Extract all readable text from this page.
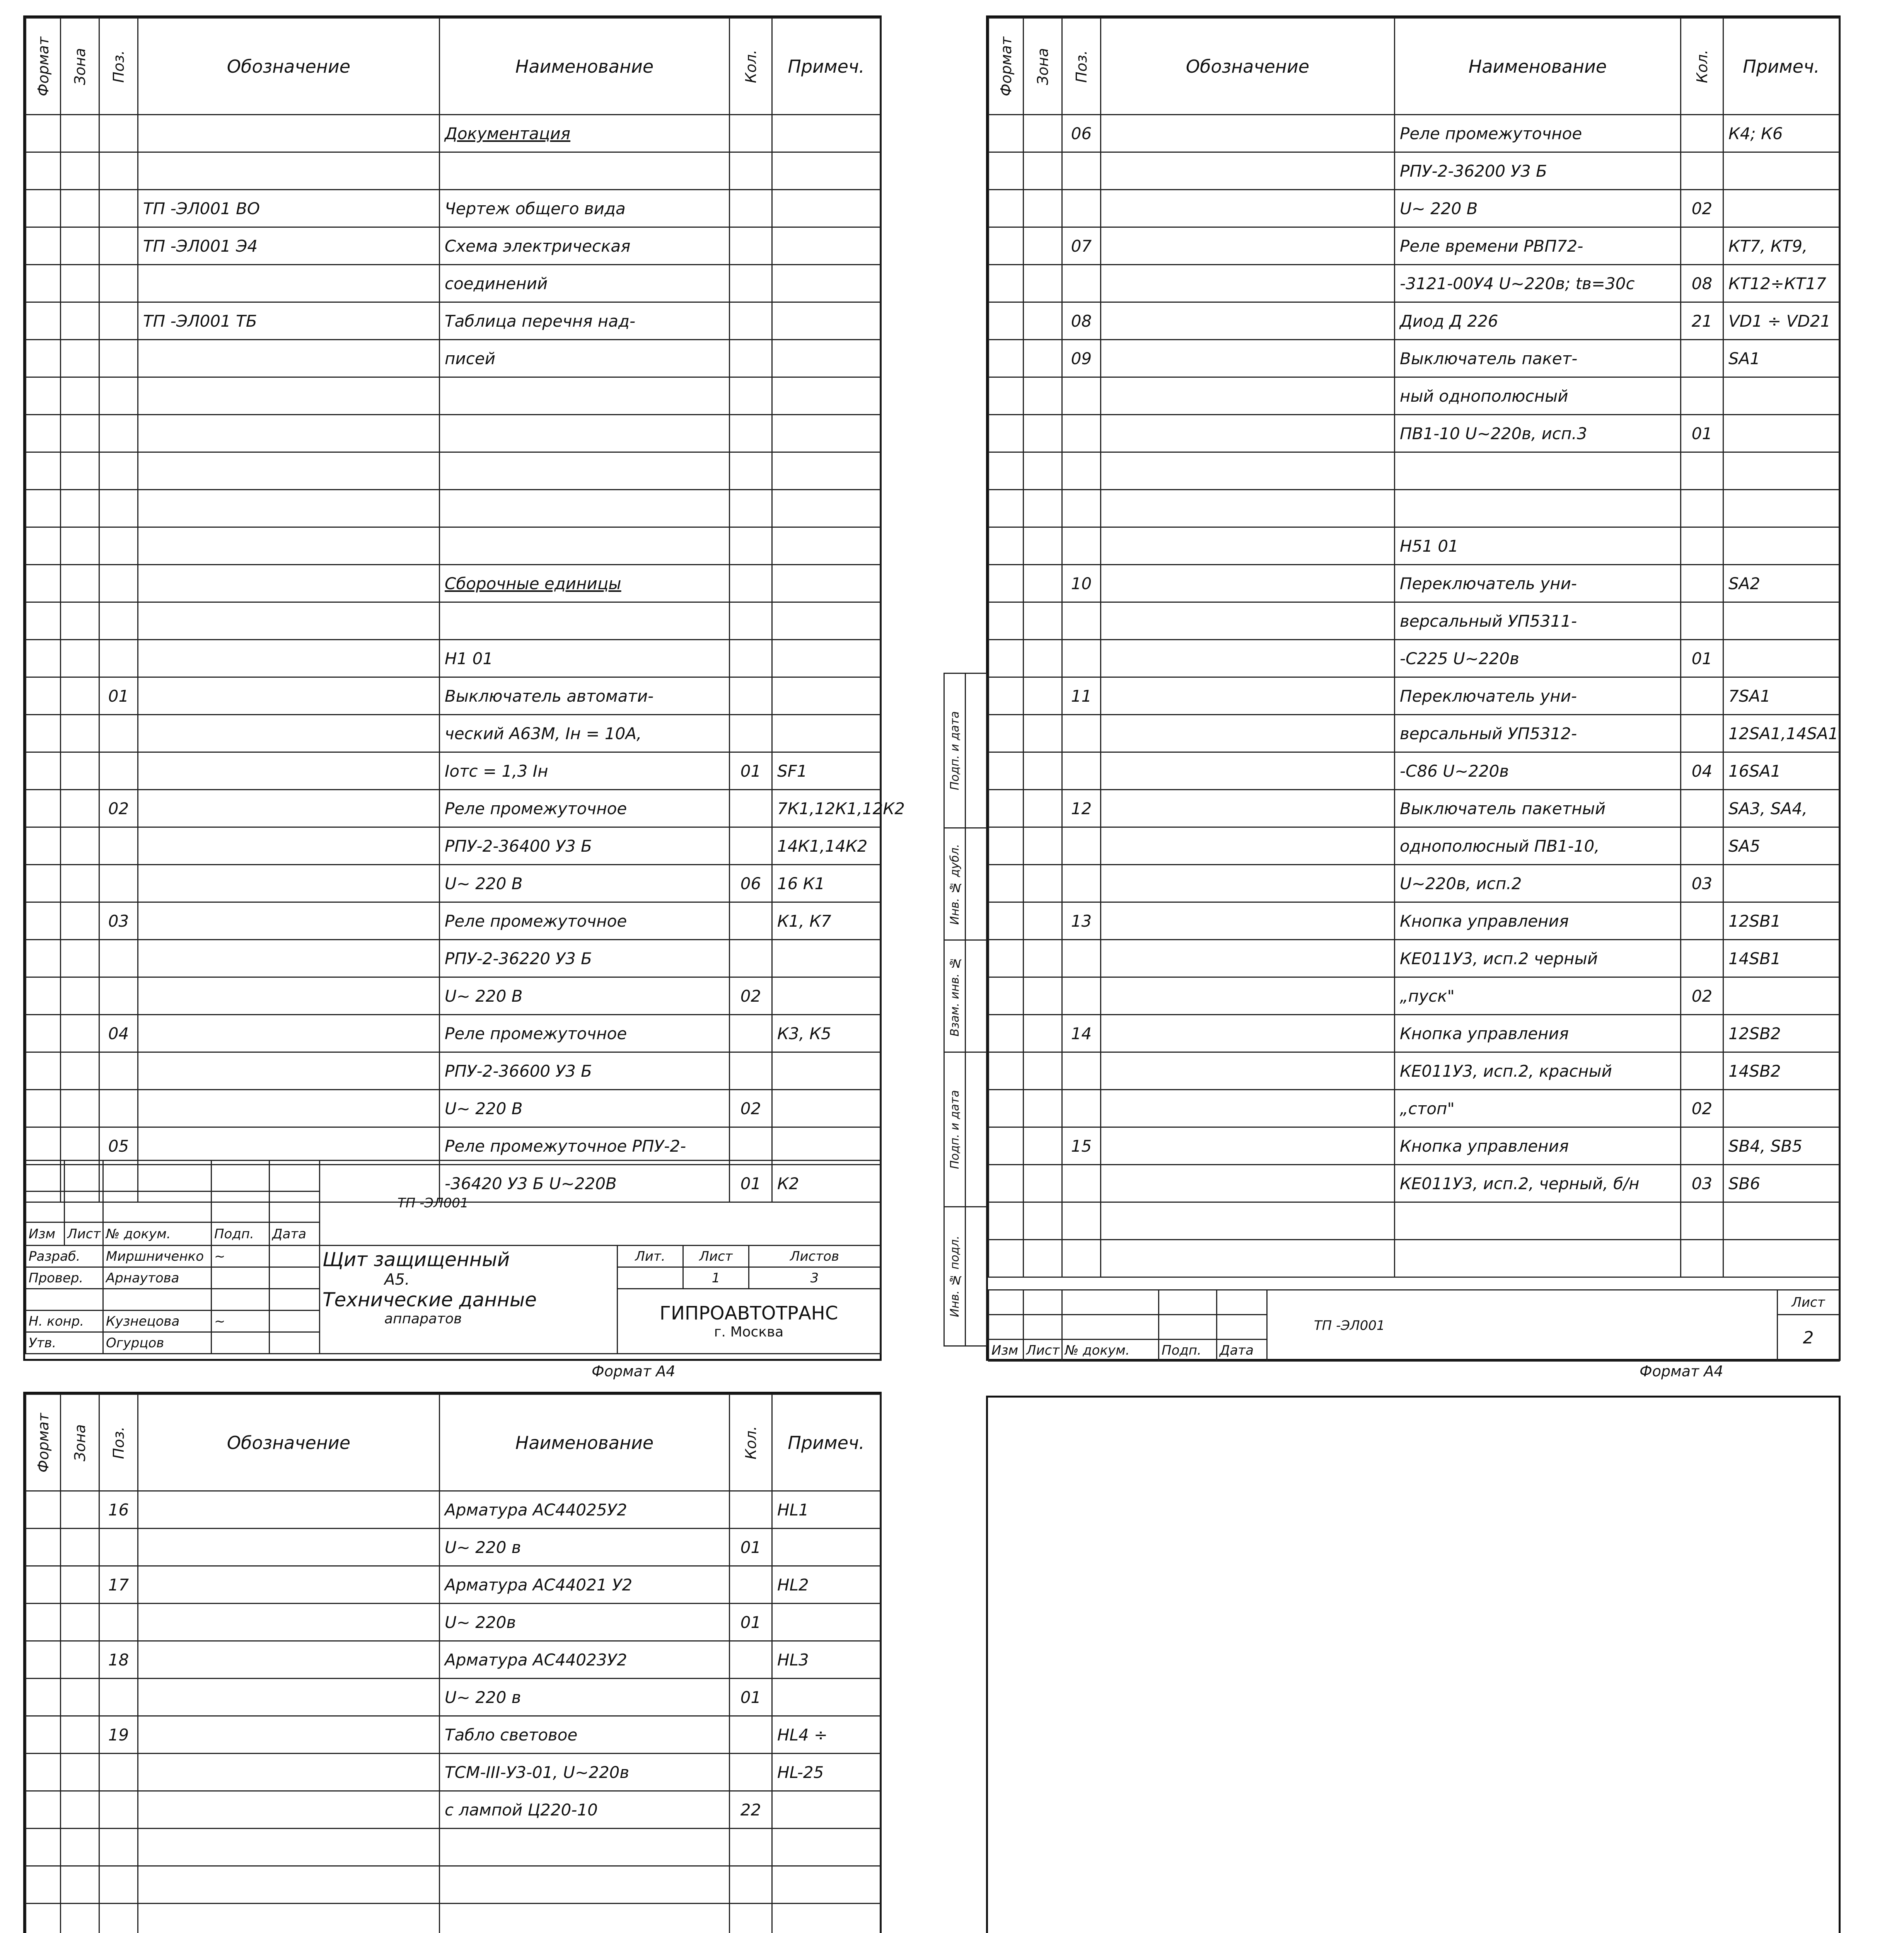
Формат	Зона	Поз.	Обозначение	Наименование	Кол.	Примеч.
				Документация		

			ТП -ЭЛ001 ВО	Чертеж общего вида		
			ТП -ЭЛ001 Э4	Схема электрическая		
				соединений		
			ТП -ЭЛ001 ТБ	Таблица перечня над-		
				писей		

				Сборочные единицы		

				Н1 01		
		01		Выключатель автомати-		
				ческий А63М, Iн = 10А,		
				Iотс = 1,3 Iн	01	SF1
		02		Реле промежуточное		7К1,12К1,12К2
				РПУ-2-36400 У3 Б		14К1,14К2
				U~ 220 В	06	16 К1
		03		Реле промежуточное		К1, К7
				РПУ-2-36220 У3 Б		
				U~ 220 В	02	
		04		Реле промежуточное		К3, К5
				РПУ-2-36600 У3 Б		
				U~ 220 В	02	
		05		Реле промежуточное РПУ-2-		
				-36420 У3 Б U~220В	01	К2
					ТП -ЭЛ001			

Изм	Лист	№ докум.	Подп.	Дата				
Разраб.		Миршниченко	~		Щит защищенный
А5.
Технические данные
аппаратов	Лит.	Лист	Листов
Провер.		Арнаутова					1	3

						ГИПРОАВТОТРАНС
г. Москва		

Н. конр.		Кузнецова	~					
Утв.		Огурцов						
Формат А4
Формат	Зона	Поз.	Обозначение	Наименование	Кол.	Примеч.
		06		Реле промежуточное		К4; К6
				РПУ-2-36200 У3 Б		
				U~ 220 В	02	
		07		Реле времени РВП72-		КТ7, КТ9,
				-3121-00У4 U~220в; tв=30с	08	КТ12÷КТ17
		08		Диод Д 226	21	VD1 ÷ VD21
		09		Выключатель пакет-		SA1
				ный однополюсный		
				ПВ1-10 U~220в, исп.3	01	

				Н51 01		
		10		Переключатель уни-		SA2
				версальный УП5311-		
				-С225 U~220в	01	
		11		Переключатель уни-		7SA1
				версальный УП5312-		12SA1,14SA1
				-С86 U~220в	04	16SA1
		12		Выключатель пакетный		SA3, SA4,
				однополюсный ПВ1-10,		SA5
				U~220в, исп.2	03	
		13		Кнопка управления		12SB1
				КЕ011У3, исп.2 черный		14SB1
				„пуск"	02	
		14		Кнопка управления		12SB2
				КЕ011У3, исп.2, красный		14SB2
				„стоп"	02	
		15		Кнопка управления		SB4, SB5
				КЕ011У3, исп.2, черный, б/н	03	SB6

					ТП -ЭЛ001	Лист
						2
Изм	Лист	№ докум.	Подп.	Дата		
Подп. и дата	
Инв. № дубл.	
Взам. инв. №	
Подп. и дата	
Инв. № подл.	
Формат А4
Формат	Зона	Поз.	Обозначение	Наименование	Кол.	Примеч.
		16		Арматура АС44025У2		HL1
				U~ 220 в	01	
		17		Арматура АС44021 У2		HL2
				U~ 220в	01	
		18		Арматура АС44023У2		HL3
				U~ 220 в	01	
		19		Табло световое		HL4 ÷
				ТСМ-III-У3-01, U~220в		HL-25
				с лампой Ц220-10	22	
